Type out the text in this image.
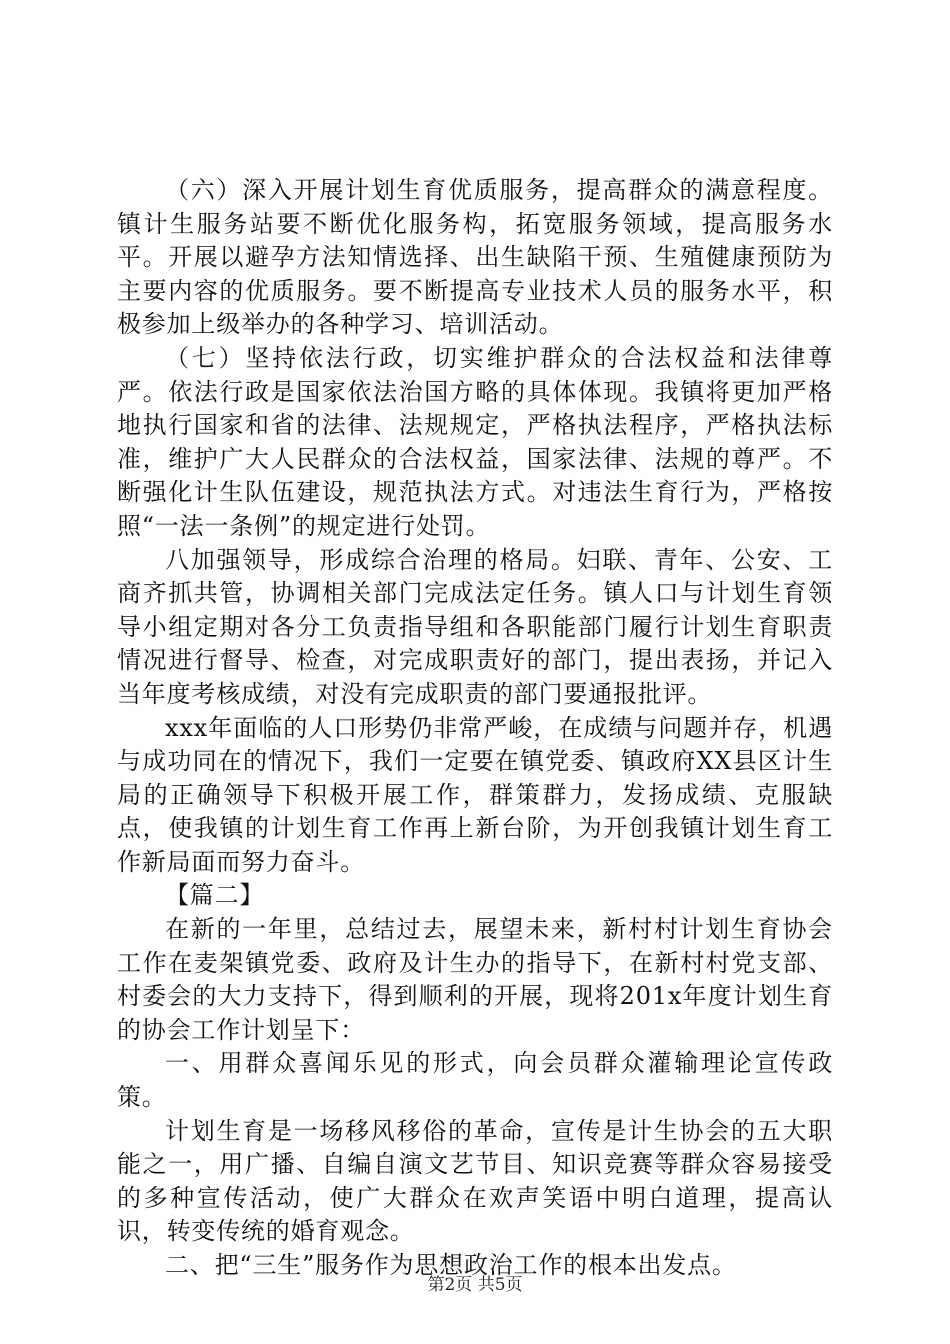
（六）深入开展计划生育优质服务，提高群众的满意程度。镇计生服务站要不断优化服务构，拓宽服务领域，提高服务水平。开展以避孕方法知情选择、出生缺陷干预、生殖健康预防为主要内容的优质服务。要不断提高专业技术人员的服务水平，积极参加上级举办的各种学习、培训活动。

（七）坚持依法行政，切实维护群众的合法权益和法律尊严。依法行政是国家依法治国方略的具体体现。我镇将更加严格地执行国家和省的法律、法规规定，严格执法程序，严格执法标准，维护广大人民群众的合法权益，国家法律、法规的尊严。不断强化计生队伍建设，规范执法方式。对违法生育行为，严格按照“一法一条例”的规定进行处罚。

八加强领导，形成综合治理的格局。妇联、青年、公安、工商齐抓共管，协调相关部门完成法定任务。镇人口与计划生育领导小组定期对各分工负责指导组和各职能部门履行计划生育职责情况进行督导、检查，对完成职责好的部门，提出表扬，并记入当年度考核成绩，对没有完成职责的部门要通报批评。

xxx年面临的人口形势仍非常严峻，在成绩与问题并存，机遇与成功同在的情况下，我们一定要在镇党委、镇政府XX县区计生局的正确领导下积极开展工作，群策群力，发扬成绩、克服缺点，使我镇的计划生育工作再上新台阶，为开创我镇计划生育工作新局面而努力奋斗。

【篇二】

在新的一年里，总结过去，展望未来，新村村计划生育协会工作在麦架镇党委、政府及计生办的指导下，在新村村党支部、村委会的大力支持下，得到顺利的开展，现将201x年度计划生育的协会工作计划呈下：

一、用群众喜闻乐见的形式，向会员群众灌输理论宣传政策。

计划生育是一场移风移俗的革命，宣传是计生协会的五大职能之一，用广播、自编自演文艺节目、知识竞赛等群众容易接受的多种宣传活动，使广大群众在欢声笑语中明白道理，提高认识，转变传统的婚育观念。

二、把“三生”服务作为思想政治工作的根本出发点。

第2页 共5页
